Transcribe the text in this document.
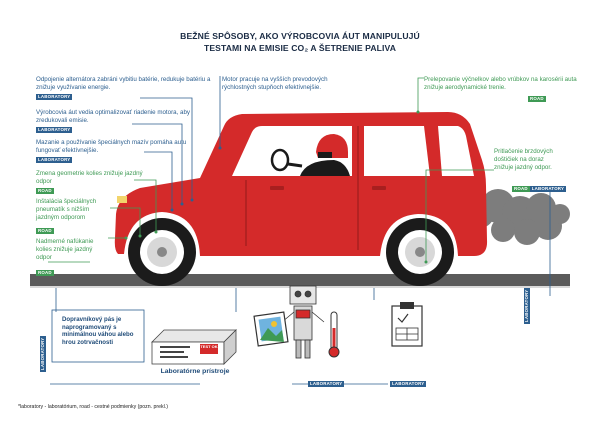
BEŽNÉ SPÔSOBY, AKO VÝROBCOVIA ÁUT MANIPULUJÚ
TESTAMI NA EMISIE CO₂ A ŠETRENIE PALIVA
TEST OK
Odpojenie alternátora zabráni vybitiu batérie, redukuje batériu a znižuje využívanie energie.
LABORATORY
Výrobcovia áut vedia optimalizovať riadenie motora, aby zredukovali emisie.
LABORATORY
Mazanie a používanie špeciálnych mazív pomáha autu fungovať efektívnejšie.
LABORATORY
Zmena geometrie kolies znižuje jazdný odpor
ROAD
Inštalácia špeciálnych pneumatík s nižším jazdným odporom
ROAD
Nadmerné nafúkanie kolies znižuje jazdný odpor
ROAD
Motor pracuje na vyšších prevodových rýchlostných stupňoch efektívnejšie.
Prelepovanie výčnelkov alebo vrúbkov na karosérii auta znižuje aerodynamické trenie.
ROAD
Pritlačenie brzdových doštičiek na doraz znižuje jazdný odpor.
ROAD LABORATORY
LABORATORY
LABORATORY
Dopravníkový pás je naprogramovaný s minimálnou váhou alebo hrou zotrvačnosti
Laboratórne prístroje
LABORATORY	LABORATORY
*laboratory - laboratórium, road - cestné podmienky (pozn. prekl.)
